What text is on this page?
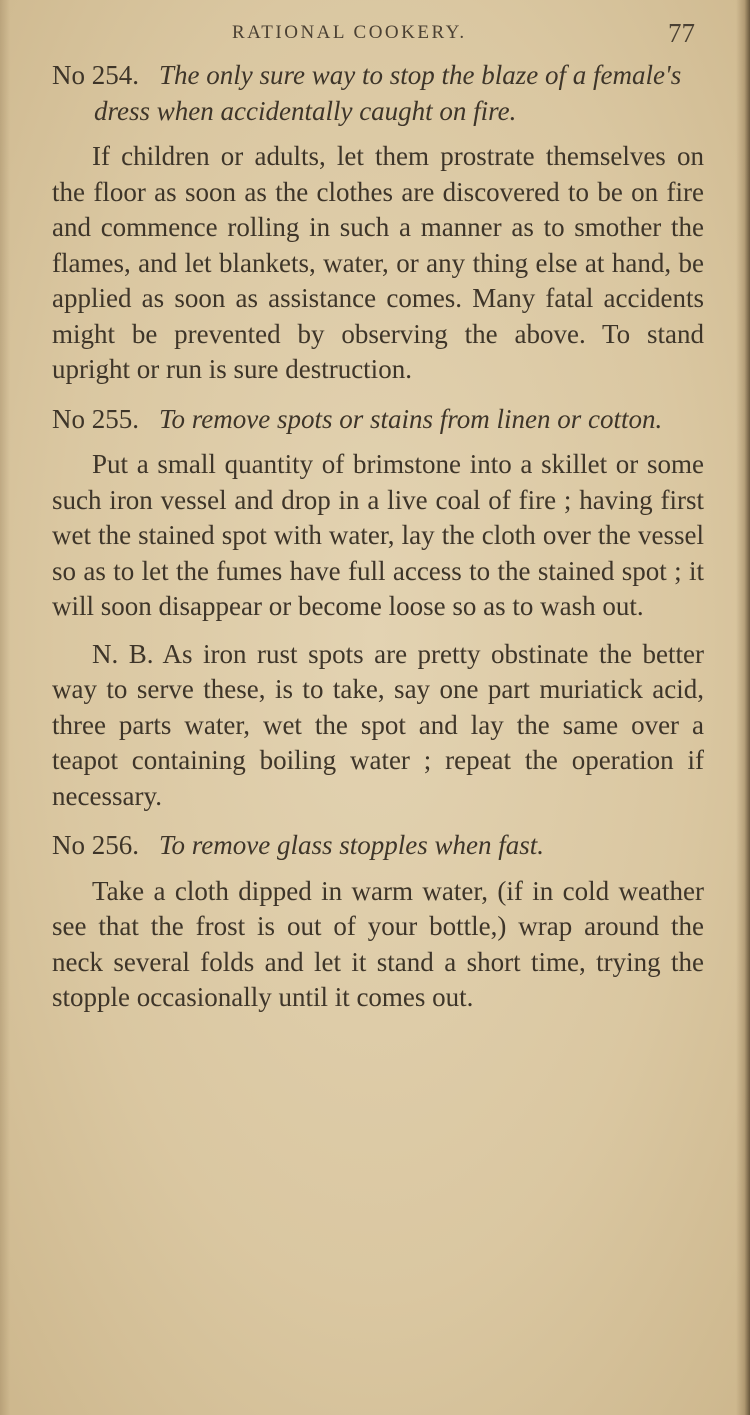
RATIONAL COOKERY.	77

No 254. The only sure way to stop the blaze of a female's dress when accidentally caught on fire.

If children or adults, let them prostrate themselves on the floor as soon as the clothes are discovered to be on fire and commence rolling in such a manner as to smother the flames, and let blankets, water, or any thing else at hand, be applied as soon as assistance comes. Many fatal accidents might be prevented by observing the above. To stand upright or run is sure destruction.

No 255. To remove spots or stains from linen or cotton.

Put a small quantity of brimstone into a skillet or some such iron vessel and drop in a live coal of fire ; having first wet the stained spot with water, lay the cloth over the vessel so as to let the fumes have full access to the stained spot ; it will soon disappear or become loose so as to wash out.

N. B. As iron rust spots are pretty obstinate the better way to serve these, is to take, say one part muriatick acid, three parts water, wet the spot and lay the same over a teapot containing boiling water ; repeat the operation if necessary.

No 256. To remove glass stopples when fast.

Take a cloth dipped in warm water, (if in cold weather see that the frost is out of your bottle,) wrap around the neck several folds and let it stand a short time, trying the stopple occasionally until it comes out.
